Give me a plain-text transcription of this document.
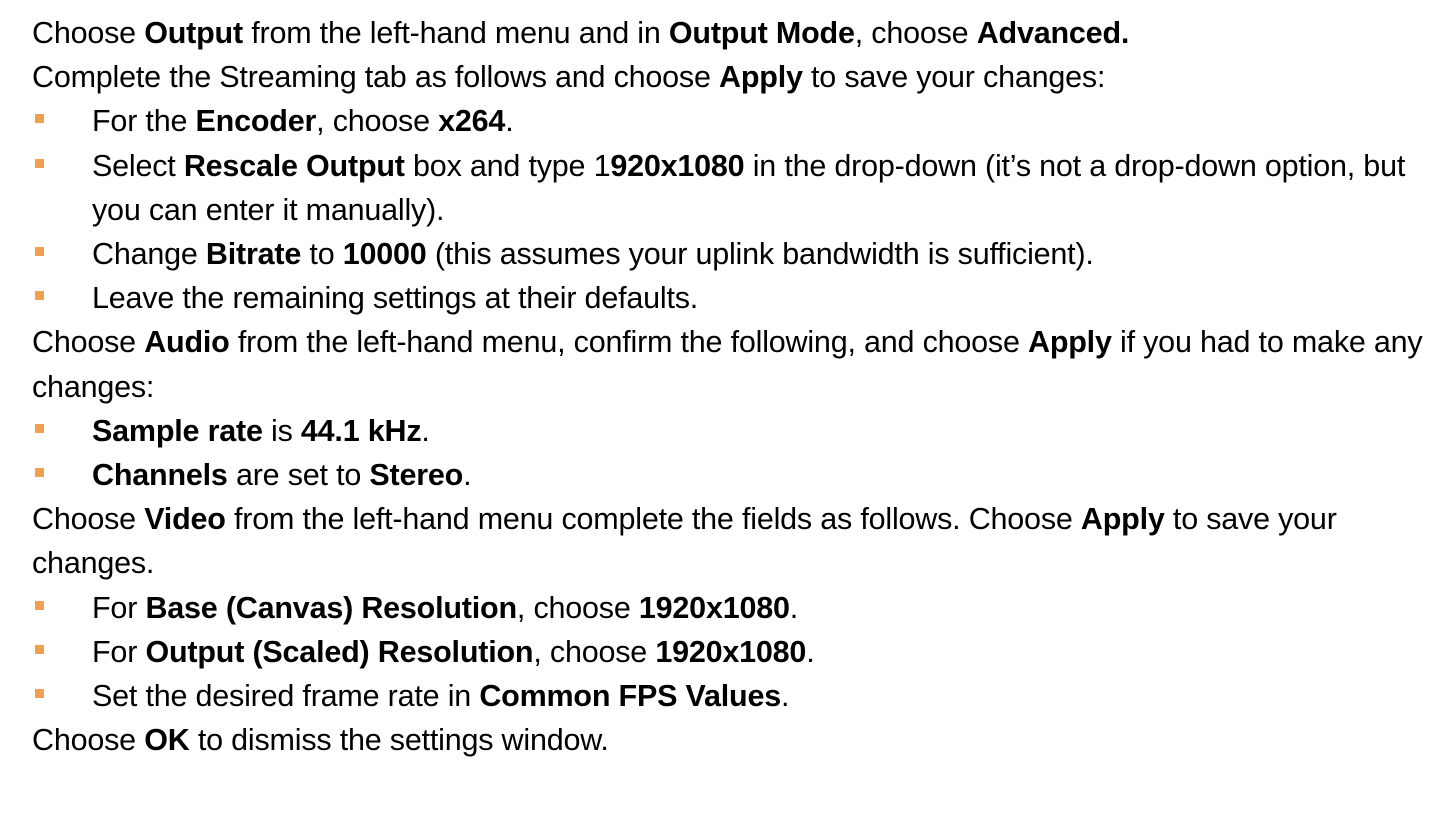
Choose Output from the left-hand menu and in Output Mode, choose Advanced.
Complete the Streaming tab as follows and choose Apply to save your changes:
For the Encoder, choose x264.
Select Rescale Output box and type 1920x1080 in the drop-down (it’s not a drop-down option, but you can enter it manually).
Change Bitrate to 10000 (this assumes your uplink bandwidth is sufficient).
Leave the remaining settings at their defaults.
Choose Audio from the left-hand menu, confirm the following, and choose Apply if you had to make any changes:
Sample rate is 44.1 kHz.
Channels are set to Stereo.
Choose Video from the left-hand menu complete the fields as follows. Choose Apply to save your changes.
For Base (Canvas) Resolution, choose 1920x1080.
For Output (Scaled) Resolution, choose 1920x1080.
Set the desired frame rate in Common FPS Values.
Choose OK to dismiss the settings window.
